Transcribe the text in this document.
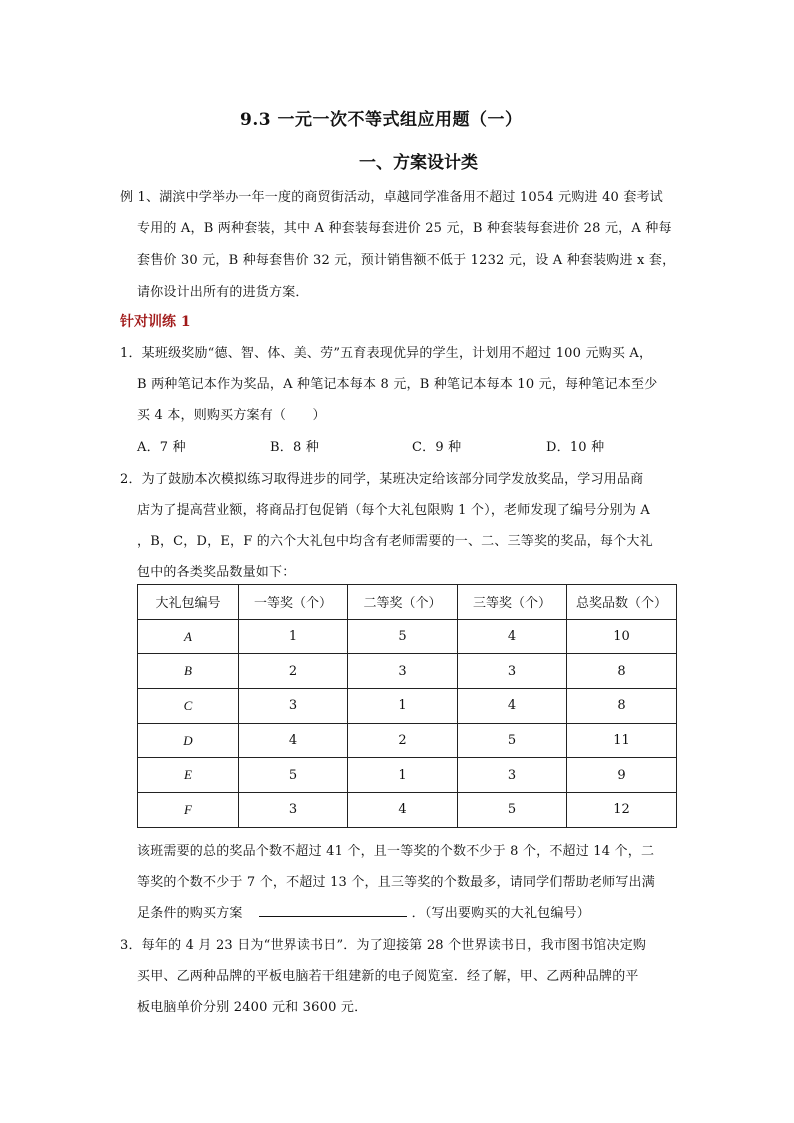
9.3 一元一次不等式组应用题（一）
一、方案设计类
例 1、湖滨中学举办一年一度的商贸街活动，卓越同学准备用不超过 1054 元购进 40 套考试
专用的 A，B 两种套装，其中 A 种套装每套进价 25 元，B 种套装每套进价 28 元，A 种每
套售价 30 元，B 种每套售价 32 元，预计销售额不低于 1232 元，设 A 种套装购进 x 套，
请你设计出所有的进货方案．
针对训练 1
1．某班级奖励“德、智、体、美、劳”五育表现优异的学生，计划用不超过 100 元购买 A，
B 两种笔记本作为奖品，A 种笔记本每本 8 元，B 种笔记本每本 10 元，每种笔记本至少
买 4 本，则购买方案有（　　）
A．7 种	B．8 种	C．9 种	D．10 种
2．为了鼓励本次模拟练习取得进步的同学，某班决定给该部分同学发放奖品，学习用品商
店为了提高营业额，将商品打包促销（每个大礼包限购 1 个），老师发现了编号分别为 A
，B，C，D，E，F 的六个大礼包中均含有老师需要的一、二、三等奖的奖品，每个大礼
包中的各类奖品数量如下：
大礼包编号	一等奖（个）	二等奖（个）	三等奖（个）	总奖品数（个）
A	1	5	4	10
B	2	3	3	8
C	3	1	4	8
D	4	2	5	11
E	5	1	3	9
F	3	4	5	12
该班需要的总的奖品个数不超过 41 个，且一等奖的个数不少于 8 个，不超过 14 个，二
等奖的个数不少于 7 个，不超过 13 个，且三等奖的个数最多，请同学们帮助老师写出满
足条件的购买方案	．（写出要购买的大礼包编号）
3．每年的 4 月 23 日为“世界读书日”．为了迎接第 28 个世界读书日，我市图书馆决定购
买甲、乙两种品牌的平板电脑若干组建新的电子阅览室．经了解，甲、乙两种品牌的平
板电脑单价分别 2400 元和 3600 元．
